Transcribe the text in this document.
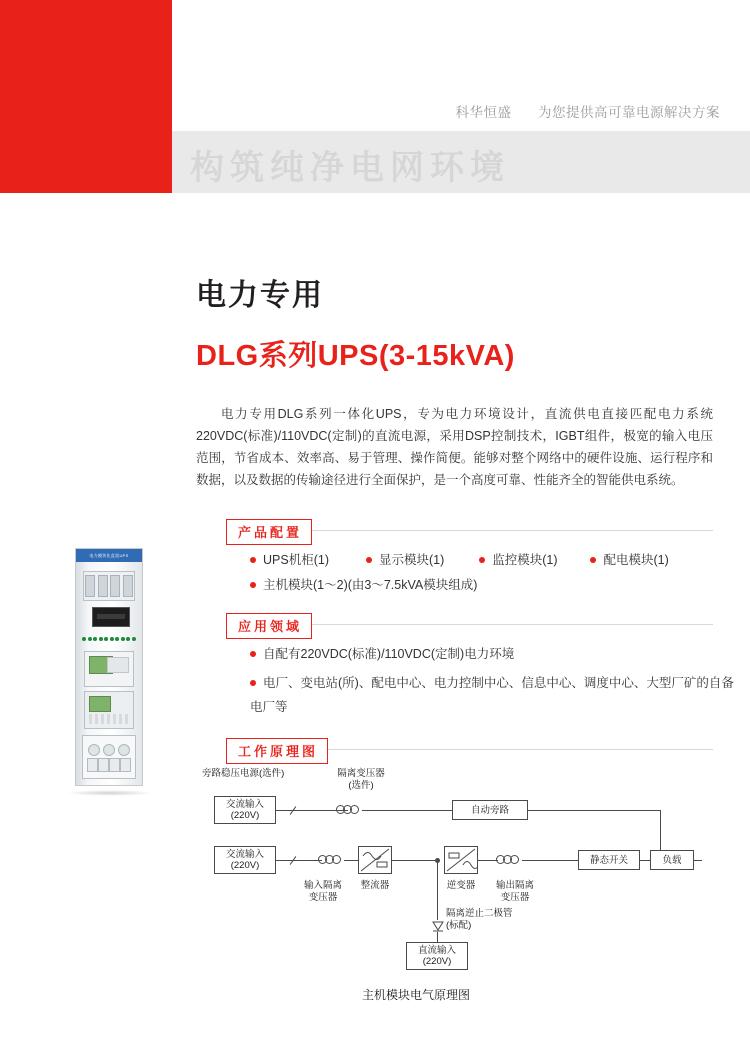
科华恒盛 为您提供高可靠电源解决方案
构筑纯净电网环境
电力专用
DLG系列UPS(3-15kVA)
电力专用DLG系列一体化UPS，专为电力环境设计，直流供电直接匹配电力系统220VDC(标准)/110VDC(定制)的直流电源，采用DSP控制技术，IGBT组件，极宽的输入电压范围，节省成本、效率高、易于管理、操作简便。能够对整个网络中的硬件设施、运行程序和数据，以及数据的传输途径进行全面保护，是一个高度可靠、性能齐全的智能供电系统。
电力模块化直流UPS
产品配置
UPS机柜(1)	显示模块(1)	监控模块(1)	配电模块(1)
主机模块(1～2)(由3～7.5kVA模块组成)
应用领域
自配有220VDC(标准)/110VDC(定制)电力环境
电厂、变电站(所)、配电中心、电力控制中心、信息中心、调度中心、大型厂矿的自备电厂等
工作原理图
旁路稳压电源(选件)	隔离变压器
(选件)
交流输入
(220V)	自动旁路
交流输入
(220V)	静态开关	负载
输入隔离
变压器
整流器	逆变器	输出隔离
变压器
隔离逆止二极管
(标配)
直流输入
(220V)
主机模块电气原理图
